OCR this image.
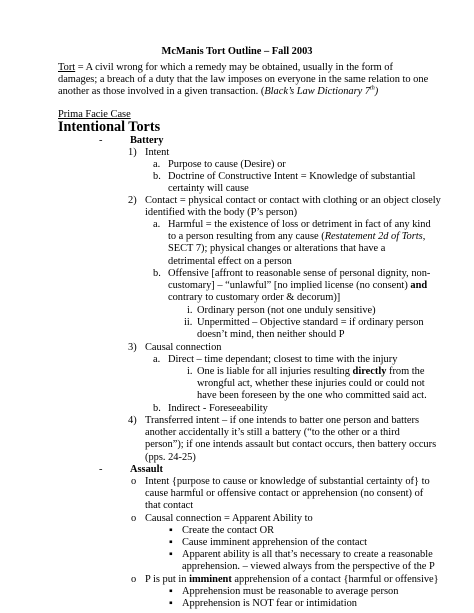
McManis Tort Outline – Fall 2003
Tort = A civil wrong for which a remedy may be obtained, usually in the form of
damages; a breach of a duty that the law imposes on everyone in the same relation to one
another as those involved in a given transaction. (Black’s Law Dictionary 7th)
Prima Facie Case
Intentional Torts
-	Battery
1) Intent
a. Purpose to cause (Desire) or
b. Doctrine of Constructive Intent = Knowledge of substantial
certainty will cause
2) Contact = physical contact or contact with clothing or an object closely
identified with the body (P’s person)
a. Harmful = the existence of loss or detriment in fact of any kind
to a person resulting from any cause (Restatement 2d of Torts,
SECT 7); physical changes or alterations that have a
detrimental effect on a person
b. Offensive [affront to reasonable sense of personal dignity, non-
customary] – “unlawful” [no implied license (no consent) and
contrary to customary order & decorum)]
i. Ordinary person (not one unduly sensitive)
ii. Unpermitted – Objective standard = if ordinary person
doesn’t mind, then neither should P
3) Causal connection
a. Direct – time dependant; closest to time with the injury
i. One is liable for all injuries resulting directly from the
wrongful act, whether these injuries could or could not
have been foreseen by the one who committed said act.
b. Indirect - Foreseeability
4) Transferred intent – if one intends to batter one person and batters
another accidentally it’s still a battery (“to the other or a third
person”); if one intends assault but contact occurs, then battery occurs
(pps. 24-25)
-	Assault
o Intent {purpose to cause or knowledge of substantial certainty of} to
cause harmful or offensive contact or apprehension (no consent) of
that contact
o Causal connection = Apparent Ability to
▪ Create the contact OR
▪ Cause imminent apprehension of the contact
▪ Apparent ability is all that’s necessary to create a reasonable
apprehension. – viewed always from the perspective of the P
o P is put in imminent apprehension of a contact {harmful or offensive}
▪ Apprehension must be reasonable to average person
▪ Apprehension is NOT fear or intimidation
